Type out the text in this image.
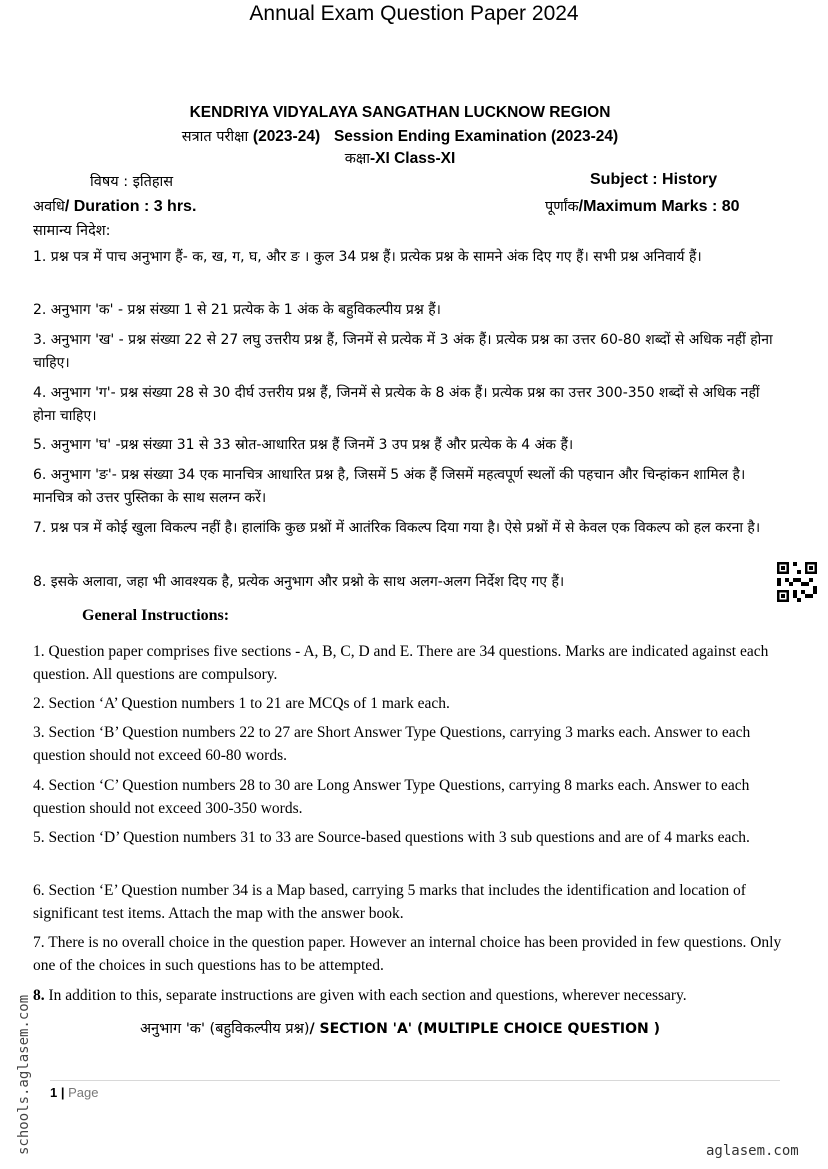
Annual Exam Question Paper 2024
KENDRIYA VIDYALAYA SANGATHAN LUCKNOW REGION
सत्रात परीक्षा (2023-24) Session Ending Examination (2023-24)
कक्षा-XI Class-XI
विषय : इतिहास	Subject : History
अवधि/ Duration : 3 hrs.	पूर्णांक/Maximum Marks : 80
सामान्य निदेश:
1. प्रश्न पत्र में पाच अनुभाग हैं- क, ख, ग, घ, और ङ । कुल 34 प्रश्न हैं। प्रत्येक प्रश्न के सामने अंक दिए गए हैं। सभी प्रश्न अनिवार्य हैं।
2. अनुभाग 'क' - प्रश्न संख्या 1 से 21 प्रत्येक के 1 अंक के बहुविकल्पीय प्रश्न हैं।
3. अनुभाग 'ख' - प्रश्न संख्या 22 से 27 लघु उत्तरीय प्रश्न हैं, जिनमें से प्रत्येक में 3 अंक हैं। प्रत्येक प्रश्न का उत्तर 60-80 शब्दों से अधिक नहीं होना चाहिए।
4. अनुभाग 'ग'- प्रश्न संख्या 28 से 30 दीर्घ उत्तरीय प्रश्न हैं, जिनमें से प्रत्येक के 8 अंक हैं। प्रत्येक प्रश्न का उत्तर 300-350 शब्दों से अधिक नहीं होना चाहिए।
5. अनुभाग 'घ' -प्रश्न संख्या 31 से 33 स्रोत-आधारित प्रश्न हैं जिनमें 3 उप प्रश्न हैं और प्रत्येक के 4 अंक हैं।
6. अनुभाग 'ङ'- प्रश्न संख्या 34 एक मानचित्र आधारित प्रश्न है, जिसमें 5 अंक हैं जिसमें महत्वपूर्ण स्थलों की पहचान और चिन्हांकन शामिल है। मानचित्र को उत्तर पुस्तिका के साथ सलग्न करें।
7. प्रश्न पत्र में कोई खुला विकल्प नहीं है। हालांकि कुछ प्रश्नों में आतंरिक विकल्प दिया गया है। ऐसे प्रश्नों में से केवल एक विकल्प को हल करना है।
8. इसके अलावा, जहा भी आवश्यक है, प्रत्येक अनुभाग और प्रश्नो के साथ अलग-अलग निर्देश दिए गए हैं।
General Instructions:
1. Question paper comprises five sections - A, B, C, D and E. There are 34 questions. Marks are indicated against each question. All questions are compulsory.
2. Section ‘A’ Question numbers 1 to 21 are MCQs of 1 mark each.
3. Section ‘B’ Question numbers 22 to 27 are Short Answer Type Questions, carrying 3 marks each. Answer to each question should not exceed 60-80 words.
4. Section ‘C’ Question numbers 28 to 30 are Long Answer Type Questions, carrying 8 marks each. Answer to each question should not exceed 300-350 words.
5. Section ‘D’ Question numbers 31 to 33 are Source-based questions with 3 sub questions and are of 4 marks each.
6. Section ‘E’ Question number 34 is a Map based, carrying 5 marks that includes the identification and location of significant test items. Attach the map with the answer book.
7. There is no overall choice in the question paper. However an internal choice has been provided in few questions. Only one of the choices in such questions has to be attempted.
8. In addition to this, separate instructions are given with each section and questions, wherever necessary.
अनुभाग 'क' (बहुविकल्पीय प्रश्न)/ SECTION 'A' (MULTIPLE CHOICE QUESTION )
1 | Page
schools.aglasem.com	aglasem.com
